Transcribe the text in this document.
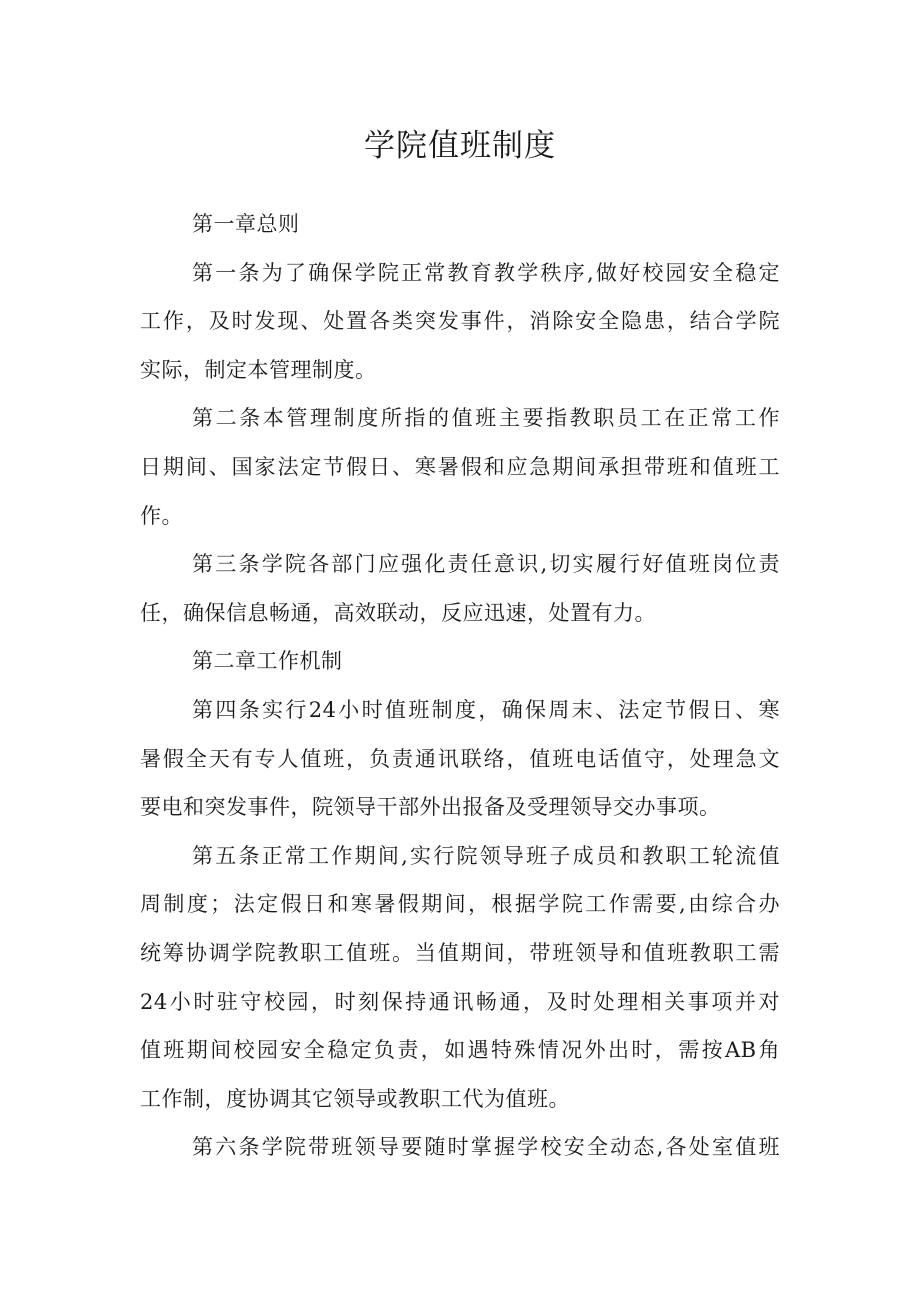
学院值班制度
第一章总则
第一条为了确保学院正常教育教学秩序,做好校园安全稳定
工作，及时发现、处置各类突发事件，消除安全隐患，结合学院
实际，制定本管理制度。
第二条本管理制度所指的值班主要指教职员工在正常工作
日期间、国家法定节假日、寒暑假和应急期间承担带班和值班工
作。
第三条学院各部门应强化责任意识,切实履行好值班岗位责
任，确保信息畅通，高效联动，反应迅速，处置有力。
第二章工作机制
第四条实行24小时值班制度，确保周末、法定节假日、寒
暑假全天有专人值班，负责通讯联络，值班电话值守，处理急文
要电和突发事件，院领导干部外出报备及受理领导交办事项。
第五条正常工作期间,实行院领导班子成员和教职工轮流值
周制度；法定假日和寒暑假期间，根据学院工作需要,由综合办
统筹协调学院教职工值班。当值期间，带班领导和值班教职工需
24小时驻守校园，时刻保持通讯畅通，及时处理相关事项并对
值班期间校园安全稳定负责，如遇特殊情况外出时，需按AB角
工作制，度协调其它领导或教职工代为值班。
第六条学院带班领导要随时掌握学校安全动态,各处室值班
